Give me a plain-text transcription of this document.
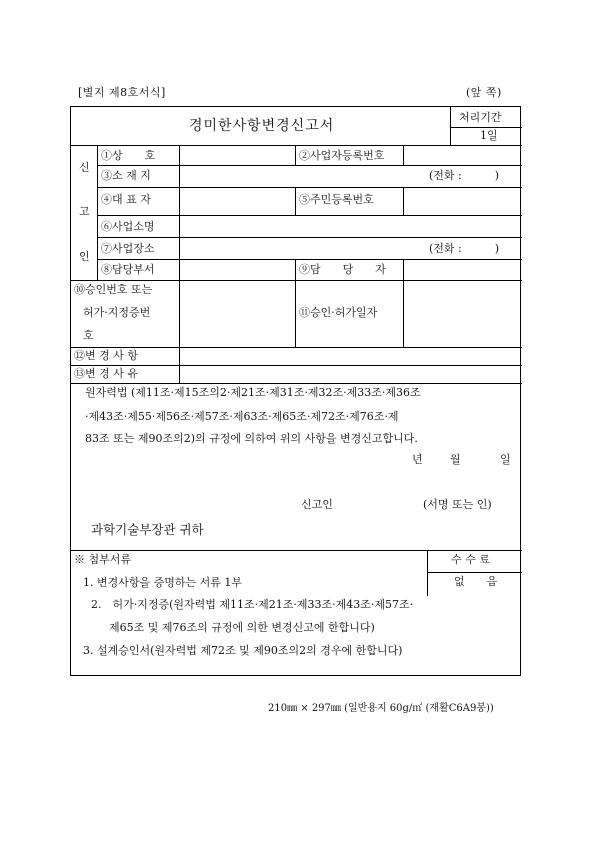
[별지 제8호서식]	(앞 쪽)
경미한사항변경신고서
처리기간
1일
신
고
인
①상　　호	②사업자등록번호
③소 재 지	(전화 :　　　)
④대 표 자	⑤주민등록번호
⑥사업소명
⑦사업장소	(전화 :　　　)
⑧담당부서	⑨담　　당　　자
⑩승인번호 또는
허가·지정증번
호
⑪승인·허가일자
⑫변 경 사 항
⑬변 경 사 유
원자력법 (제11조·제15조의2·제21조·제31조·제32조·제33조·제36조
·제43조·제55·제56조·제57조·제63조·제65조·제72조·제76조·제
83조 또는 제90조의2)의 규정에 의하여 위의 사항을 변경신고합니다.
년 월	일
신고인	(서명 또는 인)
과학기술부장관 귀하
※ 첨부서류	수 수 료
없　　음
1. 변경사항을 증명하는 서류 1부
2.　허가·지정증(원자력법 제11조·제21조·제33조·제43조·제57조·
제65조 및 제76조의 규정에 의한 변경신고에 한합니다)
3. 설계승인서(원자력법 제72조 및 제90조의2의 경우에 한합니다)
210㎜ × 297㎜ (일반용지 60g/㎡ (재활C6A9봉))
